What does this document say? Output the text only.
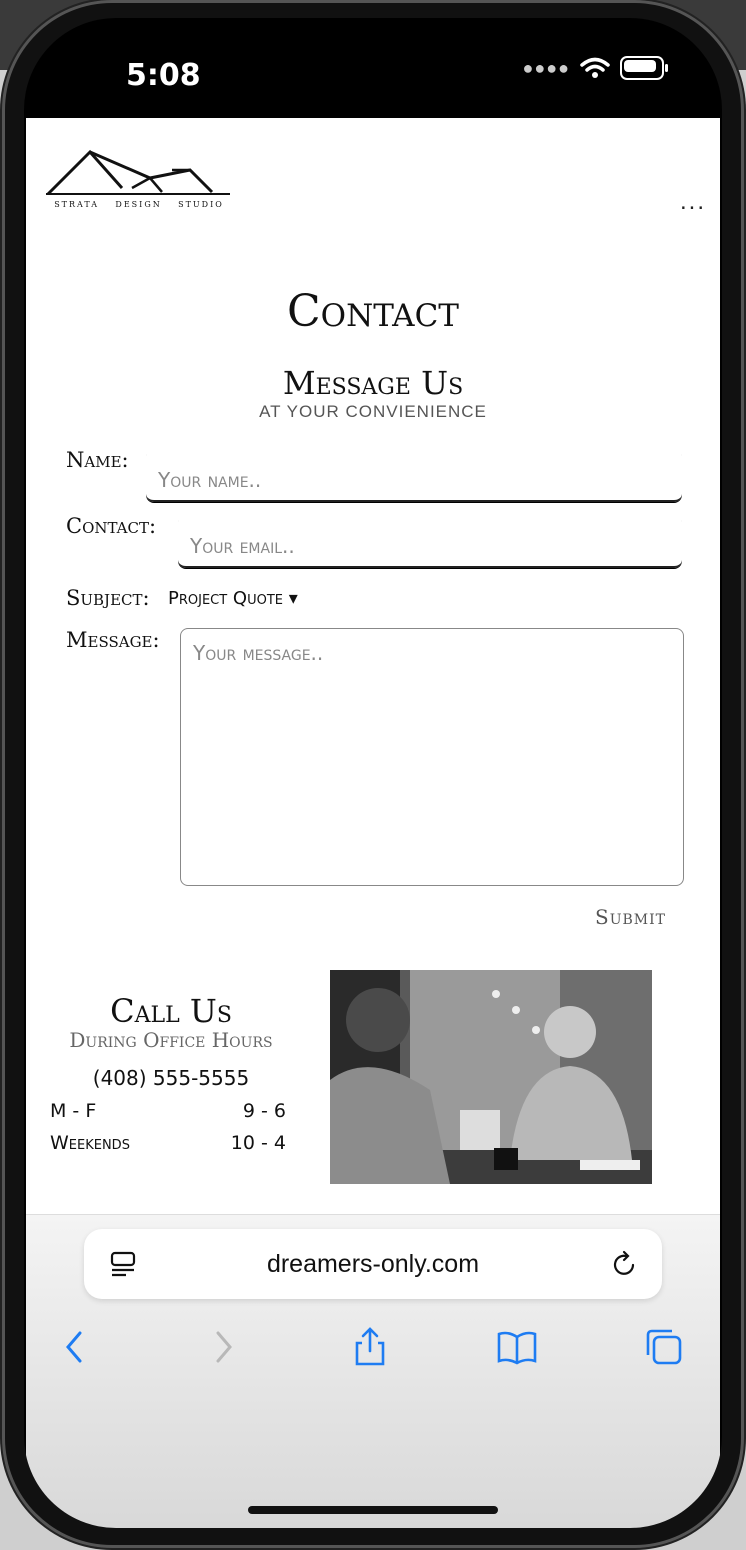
5:08	●●●●
STRATA DESIGN STUDIO	...
Contact
Message Us
AT YOUR CONVIENIENCE
Name:
Your name..
Contact:
Your email..
Subject: Project Quote ▾
Message:
Your message..
Submit
Call Us
During Office Hours
(408) 555-5555
M - F	9 - 6
Weekends	10 - 4
dreamers-only.com
